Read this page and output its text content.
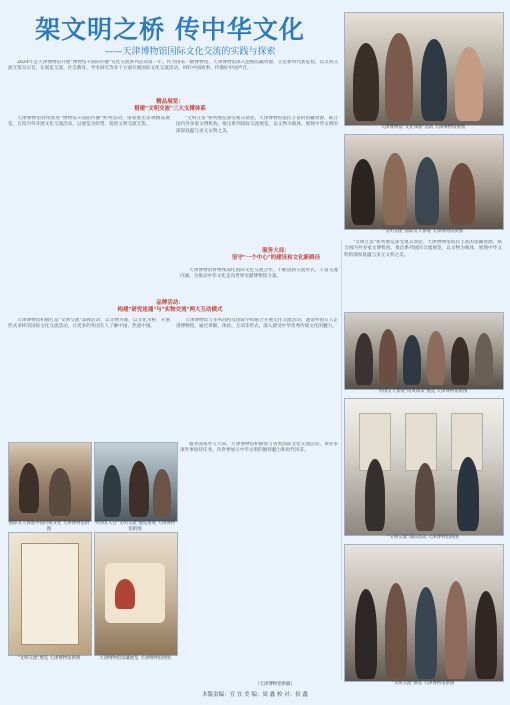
架文明之桥 传中华文化
——天津博物馆国际文化交流的实践与探索

2024年是天津博物馆开展"博物馆+国际传播"文化交流系列活动第一年。作为国家一级博物馆，天津博物馆深入挖掘馆藏资源，立足新时代新征程，以文明交流互鉴为宗旨，在展览交流、社会教育、学术研究等多个方面开展国际文化交流活动，讲好中国故事，传播好中国声音。

精品展览：
搭建"文明交流"三大支撑体系

天津博物馆持续推进"博物馆+国际传播"系列活动，策划推出多项精品展览，在馆内外开展文化交流活动，以展览为纽带，促进文明交流互鉴。

"文明互鉴"系列展览深受观众欢迎。天津博物馆依托丰富的馆藏资源，联合国内外多家文博机构，推出系列国际交流展览，以文物为载体，展现中华文明的深厚底蕴与多元文明之美。

品牌活动：
构建"研究连通"与"实物交流"两大互动模式

天津博物馆积极打造"文明交流"品牌活动，以文物为媒，以文化为桥，开展形式多样的国际文化交流活动，让更多的外国友人了解中国、热爱中国。

天津博物馆与多所高校及国际学校联合开展文化交流活动，邀请外国友人走进博物馆，通过讲解、体验、互动等形式，深入感受中华优秀传统文化的魅力。

国际友人体验中国传统文化 天津博物馆供图
外国友人在"文明交流"展览参观 天津博物馆供图
"文明交流"展览 天津博物馆供图	天津博物馆馆藏展览 天津博物馆供图

服务国家外交大局，天津博物馆积极参与各类国际文化交流活动，承办多项外事接待任务，向世界展示中华文明的独特魅力和时代风采。

天津博物馆"文化体验"活动 天津博物馆供图
"文明交流"国际友人参观 天津博物馆供图

"文明互鉴"系列展览深受观众欢迎。天津博物馆依托丰富的馆藏资源，联合国内外多家文博机构，推出系列国际交流展览，以文物为载体，展现中华文明的深厚底蕴与多元文明之美。

服务大局：
坚守"一个中心"的建设和文化新路径

天津博物馆将继续深化国际文化交流合作，不断创新交流形式，丰富交流内涵，为推动中华文化走向世界贡献博物馆力量。

外国友人参观"清风徐来"展览 天津博物馆供图
"文明交流"国际活动 天津博物馆供图
"文明交流"展览 天津博物馆供图
（天津博物馆供稿）
本版责编：宣 宜 美 编：周 鑫 校 对：侯 鑫
